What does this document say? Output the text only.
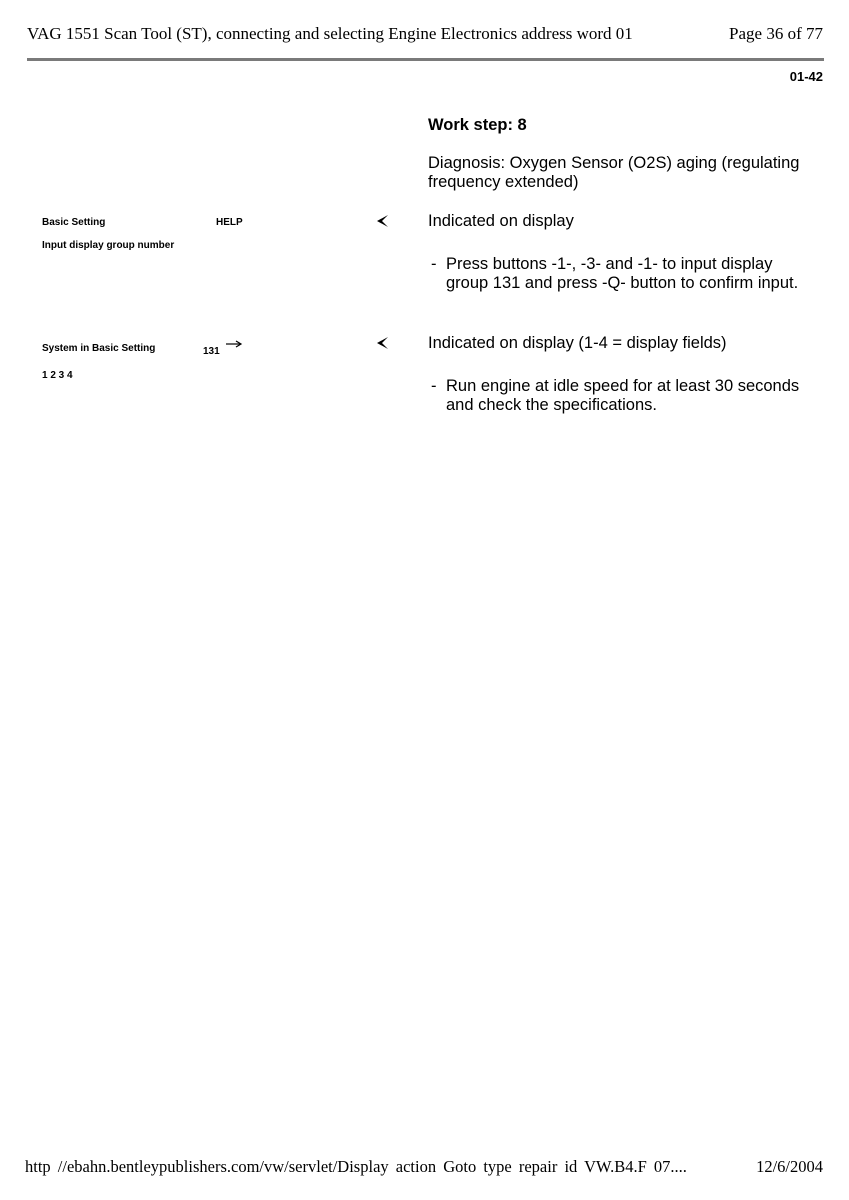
VAG 1551 Scan Tool (ST), connecting and selecting Engine Electronics address word 01	Page 36 of 77
01-42
Work step: 8
Diagnosis: Oxygen Sensor (O2S) aging (regulating frequency extended)
Basic Setting	HELP
Input display group number
Indicated on display
- Press buttons -1-, -3- and -1- to input display group 131 and press -Q- button to confirm input.
System in Basic Setting	131
1 2 3 4
Indicated on display (1-4 = display fields)
- Run engine at idle speed for at least 30 seconds and check the specifications.
http //ebahn.bentleypublishers.com/vw/servlet/Display action Goto type repair id VW.B4.F 07....	12/6/2004
